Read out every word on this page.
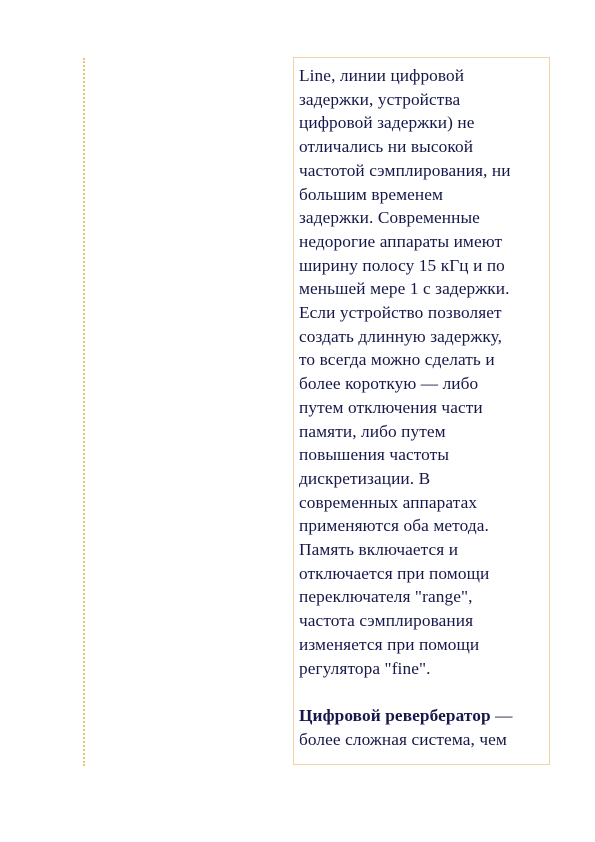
Line, линии цифровой
задержки, устройства
цифровой задержки) не
отличались ни высокой
частотой сэмплирования, ни
большим временем
задержки. Современные
недорогие аппараты имеют
ширину полосу 15 кГц и по
меньшей мере 1 с задержки.
Если устройство позволяет
создать длинную задержку,
то всегда можно сделать и
более короткую — либо
путем отключения части
памяти, либо путем
повышения частоты
дискретизации. В
современных аппаратах
применяются оба метода.
Память включается и
отключается при помощи
переключателя "range",
частота сэмплирования
изменяется при помощи
регулятора "fine".

Цифровой ревербератор —
более сложная система, чем
